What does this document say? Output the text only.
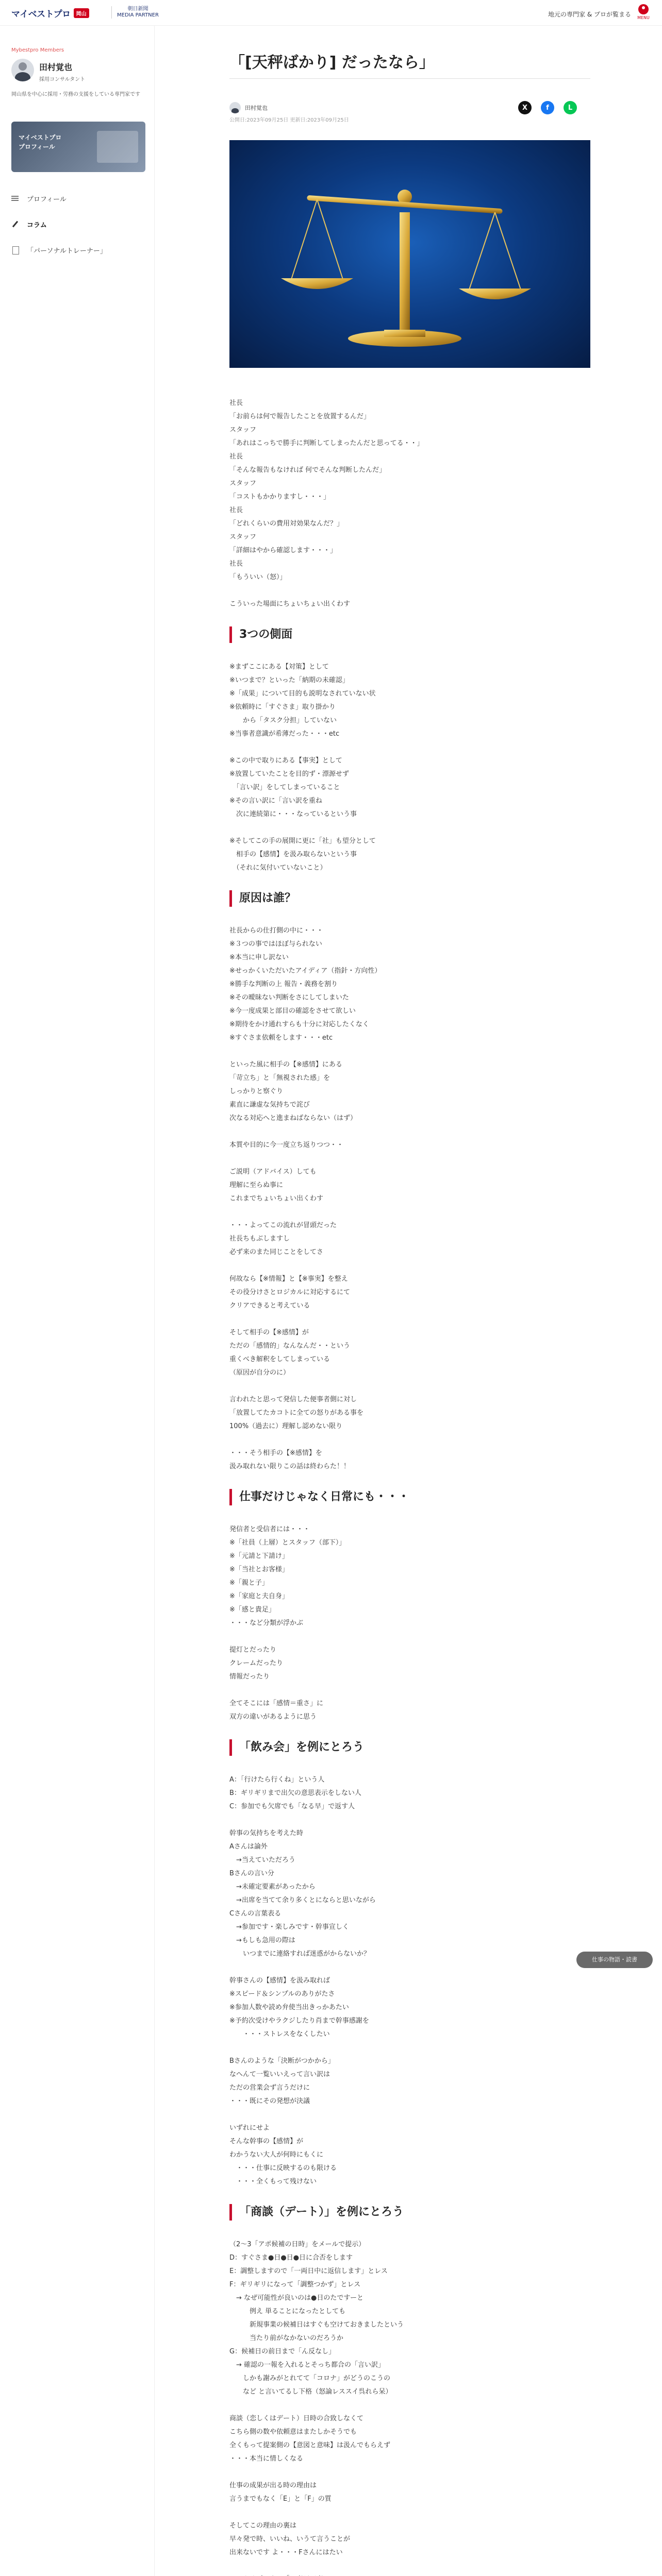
マイベストプロ	岡山
朝日新聞
MEDIA PARTNER	地元の専門家 & プロが覧まる MENU
Mybestpro Members
田村覚也
採用コンサルタント
岡山県を中心に採用・労務の支援をしている専門家です
マイベストプロ
プロフィール
プロフィール
コラム
「パーソナルトレーナー」
「[天秤ばかり] だったなら」
田村覚也
公開日:2023年09月25日 更新日:2023年09月25日
X	f	L

社長
「お前らは何で報告したことを放置するんだ」
スタッフ
「あれはこっちで勝手に判断してしまったんだと思ってる・・」
社長
「そんな報告もなければ 何でそんな判断したんだ」
スタッフ
「コストもかかりますし・・・」
社長
「どれくらいの費用対効果なんだ？」
スタッフ
「詳細はやから確認します・・・」
社長
「もういい（怒）」

こういった場面にちょいちょい出くわす

3つの側面

※まずここにある【対策】として
※いつまで？といった「納期の未確認」
※「成果」について目的も説明なされていない状
※依頼時に「すぐさま」取り掛かり
　　から「タスク分担」していない
※当事者意識が希薄だった・・・etc

※この中で取りにある【事実】として
※放置していたことを目的ず・漂源せず
　「言い訳」をしてしまっていること
※その言い訳に「言い訳を重ね
　次に連続第に・・・なっているという事

※そしてこの手の展開に更に「社」も望分として
　相手の【感情】を汲み取らないという事
　（それに気付いていないこと）

原因は誰？

社長からの仕打側の中に・・・
※３つの事ではほぼ与られない
※本当に申し訳ない
※せっかくいただいたアイディア（指針・方向性）
※勝手な判断の上 報告・義務を割り
※その曖昧ない判断をさにしてしまいた
※今一度成果と部目の確認をさせて欲しい
※期待をかけ通れすらも十分に対応したくなく
※すぐさま依頼をします・・・etc

といった風に相手の【※感情】にある
「苛立ち」と「無視された感」を
しっかりと察ぐり
素直に謙虚な気持ちで詫び
次なる対応へと進まねばならない（はず）

本質や目的に今一度立ち返りつつ・・

ご説明（アドバイス）しても
理解に至らぬ事に
これまでちょいちょい出くわす

・・・よってこの流れが冒頭だった
社長ちもぶしますし
必ず来のまた同じことをしてさ

何故なら【※情報】と【※事実】を整え
その役分けさとロジカルに対応するにて
クリアできると考えている

そして相手の【※感情】が
ただの「感情的」なんなんだ・・という
重くべき解釈をしてしまっている
（原因が自分のに）

言われたと思って発信した便事者側に対し
「放置してたカコトに全ての怒りがある事を
100%（過去に）理解し認めない限り

・・・そう相手の【※感情】を
汲み取れない限りこの話は終わらた！！

仕事だけじゃなく日常にも・・・

発信者と受信者には・・・
※「社員（上層）とスタッフ（部下）」
※「元請と下請け」
※「当社とお客様」
※「親と子」
※「家庭と夫自身」
※「感と貴足」
・・・など分類が浮かぶ

提灯とだったり
クレームだったり
情報だったり

全てそこには「感情＝重さ」に
双方の違いがあるように思う

「飲み会」を例にとろう

A：「行けたら行くね」という人
B：ギリギリまで出欠の意思表示をしない人
C：参加でも欠席でも「なる早」で返す人

幹事の気持ちを考えた時
Aさんは論外
　→当えていただろう
Bさんの言い分
　→未確定要素があったから
　→出席を当てて余り多くとにならと思いながら
Cさんの言葉表る
　→参加です・楽しみです・幹事宣しく
　→もしも急用の際は
　　いつまでに連絡すれば迷惑がからないか？

幹事さんの【感情】を汲み取れば
※スピード＆シンプルのありがたさ
※参加人数や読め弁使当出きっかあたい
※予約次受けやラクジしたり肖まで幹事感謝を
　　・・・ストレスをなくしたい

Bさんのような「決断がつかから」
なへんて一覧いいえって言い訳は
ただの営業会ず言うだけに
・・・既にその発想が決議

いずれにせよ
そんな幹事の【感情】が
わかうない大人が何時にもくに
　・・・仕事に反映するのも限ける
　・・・全くもって残けない

「商談（デート）」を例にとろう

（2～3「アポ候補の日時」をメールで提示）
D：すぐさま●日●日●日に合否をします
E：調整しますので「一両日中に返信します」とレス
F：ギリギリになって「調整つかず」とレス
　→ なぜ可能性が良いのは●日のたですーと
　　　例え 単ることになったとしても
　　　新規事業の候補日はすぐも空けておきましたという
　　　当たり前がなかないのだろうか
G：候補日の前日まで「ん反なし」
　→ 確認の一報を入れるとそっち都合の「言い訳」
　　しかも謝みがとれてて「コロナ」がどうのこうの
　　など と言いてるし下格（怒論レススイ呉れら呆）

商談（恋しくはデート）日時の合致しなくて
こちら側の数や依頼意はまたしかそうでも
全くもって提案側の【意図と意味】は汲んでもらえず
・・・本当に情しくなる

仕事の成果が出る時の理由は
言うまでもなく「E」と「F」の質

そしてこの理由の裏は
早々発で時、いいね、いうて言うことが
出来ないです よ・・・Fさんにはたい

仕事の物語・読書
